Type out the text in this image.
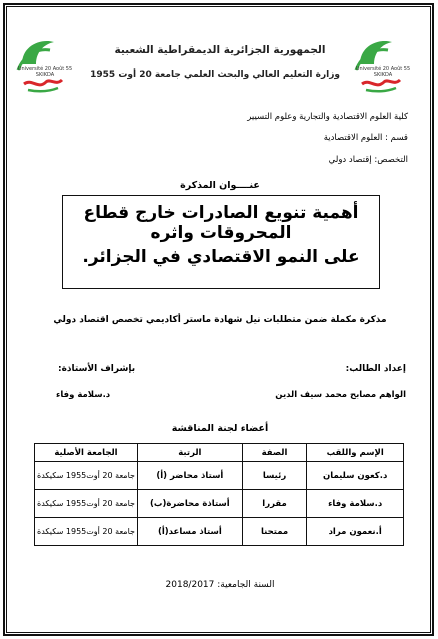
Université 20 Août 55
SKIKDA
Université 20 Août 55
SKIKDA
الجمهورية الجزائرية الديمقراطية الشعبية
وزارة التعليم العالي والبحث العلمي جامعة 20 أوت 1955
كلية العلوم الاقتصادية والتجارية وعلوم التسيير
قسم : العلوم الاقتصادية
التخصص: إقتصاد دولي
عنــــوان المذكرة
أهمية تنويع الصادرات خارج قطاع المحروقات واثره
على النمو الاقتصادي في الجزائر.
مذكرة مكملة ضمن متطلبات نيل شهادة ماستر أكاديمي تخصص اقتصاد دولي
إعداد الطالب:
بإشراف الأستاذة:
الواهم مصابح محمد سيف الدين
د.سلامة وفاء
أعضاء لجنة المناقشة
الإسم واللقب	الصفة	الرتبة	الجامعة الأصلية
د.كعون سليمان	رئيسا	أستاذ محاضر (أ)	جامعة 20 أوت1955 سكيكدة
د.سلامة وفاء	مقررا	أستاذة محاضرة(ب)	جامعة 20 أوت1955 سكيكدة
أ.نعمون مراد	ممتحنا	أستاذ مساعد(أ)	جامعة 20 أوت1955 سكيكدة
السنة الجامعية: 2018/2017
